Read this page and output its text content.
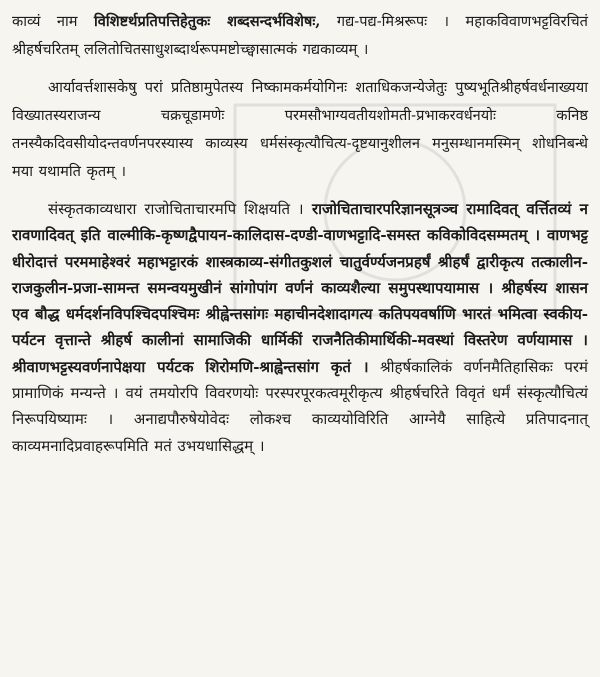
काव्यं नाम विशिष्टर्थप्रतिपत्तिहेतुकः शब्दसन्दर्भविशेषः, गद्य-पद्य-मिश्ररूपः । महाकविवाणभट्टविरचितं श्रीहर्षचरितम् ललितोचितसाधुशब्दार्थरूपमष्टोच्छ्वासात्मकं गद्यकाव्यम् ।

आर्यावर्त्तशासकेषु परां प्रतिष्ठामुपेतस्य निष्कामकर्मयोगिनः शताधिकजन्येजेतुः पुष्यभूतिश्रीहर्षवर्धनाख्यया विख्यातस्यराजन्य चक्रचूडामणेः परमसौभाग्यवतीयशोमती-प्रभाकरवर्धनयोः कनिष्ठ तनस्यैकदिवसीयोदन्तवर्णनपरस्यास्य काव्यस्य धर्मसंस्कृत्यौचित्य-दृष्टयानुशीलन मनुसम्धानमस्मिन् शोधनिबन्धे मया यथामति कृतम् ।

संस्कृतकाव्यधारा राजोचिताचारमपि शिक्षयति । राजोचिताचारपरिज्ञानसूत्रञ्च रामादिवत् वर्त्तितव्यं न रावणादिवत् इति वाल्मीकि-कृष्णद्वैपायन-कालिदास-दण्डी-वाणभट्टादि-समस्त कविकोविदसम्मतम् । वाणभट्ट धीरोदात्तं परममाहेश्वरं महाभट्टारकं शास्त्रकाव्य-संगीतकुशलं चातुर्वर्ण्यजनप्रहर्षं श्रीहर्षं द्वारीकृत्य तत्कालीन-राजकुलीन-प्रजा-सामन्त समन्वयमुखीनं सांगोपांग वर्णनं काव्यशैल्या समुपस्थापयामास । श्रीहर्षस्य शासन एव बौद्ध धर्मदर्शनविपश्चिदपश्चिमः श्रीह्वेन्तसांगः महाचीनदेशादागत्य कतिपयवर्षाणि भारतं भमित्वा स्वकीय-पर्यटन वृत्तान्ते श्रीहर्ष कालीनां सामाजिकी धार्मिकीं राजनैतिकीमार्थिकी-मवस्थां विस्तरेण वर्णयामास । श्रीवाणभट्टस्यवर्णनापेक्षया पर्यटक शिरोमणि-श्राह्वेन्तसांग कृतं । श्रीहर्षकालिकं वर्णनमैतिहासिकः परमं प्रामाणिकं मन्यन्ते । वयं तमयोरपि विवरणयोः परस्परपूरकत्वमूरीकृत्य श्रीहर्षचरिते विवृतं धर्मं संस्कृत्यौचित्यं निरूपयिष्यामः । अनाद्यपौरुषेयोवेदः लोकश्च काव्ययोविरिति आग्नेयै साहित्ये प्रतिपादनात् काव्यमनादिप्रवाहरूपमिति मतं उभयधासिद्धम् ।
